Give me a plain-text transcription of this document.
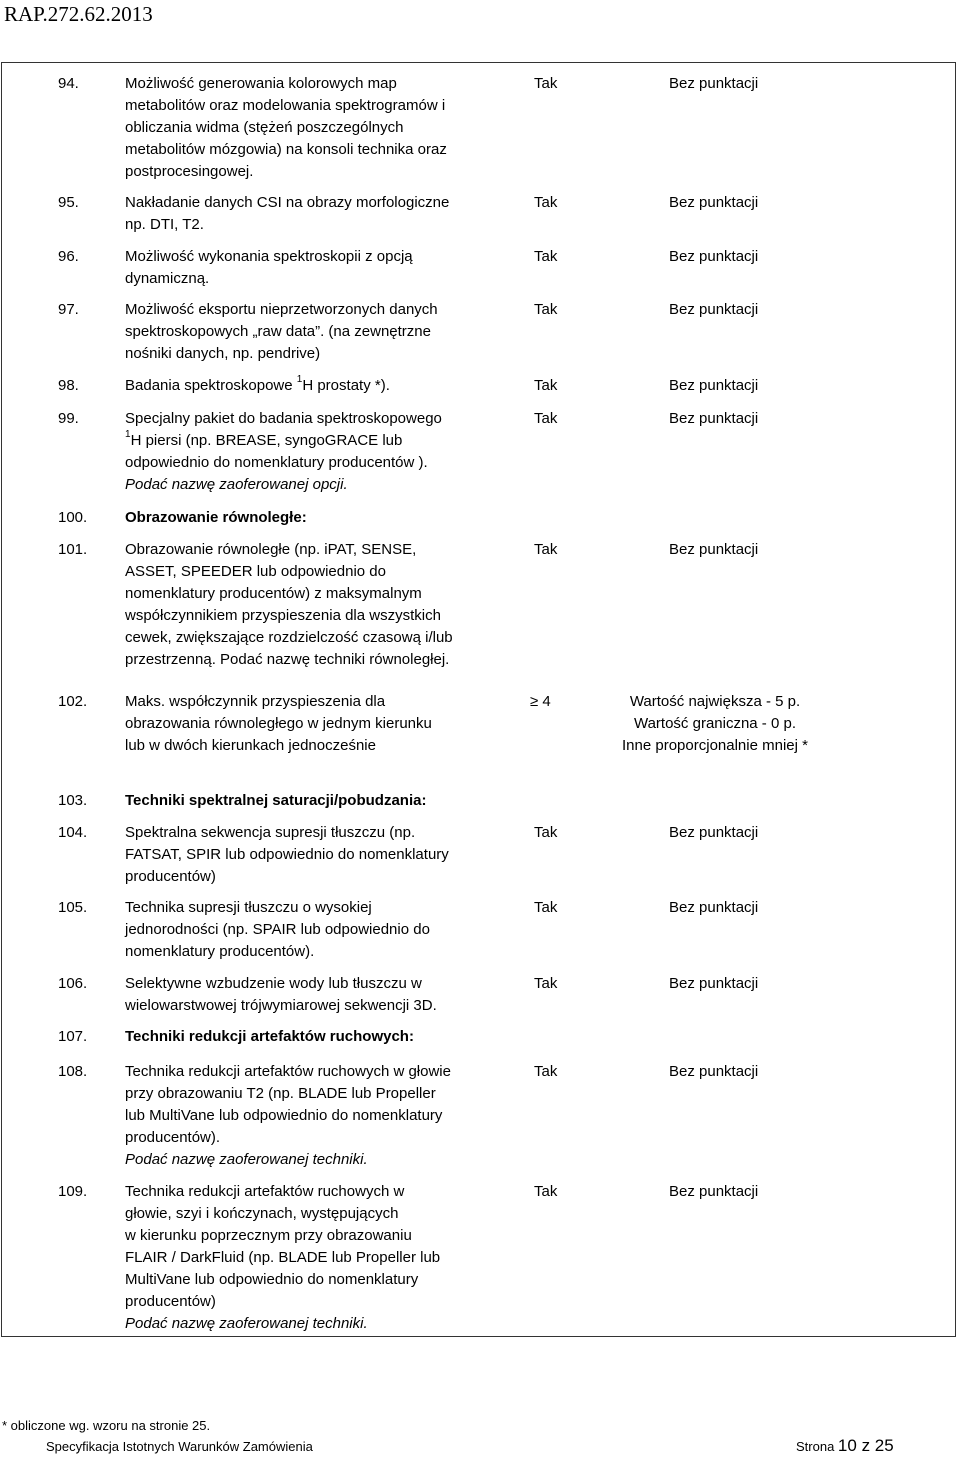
RAP.272.62.2013
94.	Możliwość generowania kolorowych map
metabolitów oraz modelowania spektrogramów i
obliczania widma (stężeń poszczególnych
metabolitów mózgowia) na konsoli technika oraz
postprocesingowej.
Tak	Bez punktacji
95.	Nakładanie danych CSI na obrazy morfologiczne
np. DTI, T2.
Tak	Bez punktacji
96.	Możliwość wykonania spektroskopii z opcją
dynamiczną.
Tak	Bez punktacji
97.	Możliwość eksportu nieprzetworzonych danych
spektroskopowych „raw data”. (na zewnętrzne
nośniki danych, np. pendrive)
Tak	Bez punktacji
98.	Badania spektroskopowe $^1$H prostaty *).	Tak	Bez punktacji
99.	Specjalny pakiet do badania spektroskopowego
$^1$H piersi (np. BREASE, syngoGRACE lub
odpowiednio do nomenklatury producentów ).
Podać nazwę zaoferowanej opcji.
Tak	Bez punktacji
100.	Obrazowanie równoległe:
101.	Obrazowanie równoległe (np. iPAT, SENSE,
ASSET, SPEEDER lub odpowiednio do
nomenklatury producentów) z maksymalnym
współczynnikiem przyspieszenia dla wszystkich
cewek, zwiększające rozdzielczość czasową i/lub
przestrzenną. Podać nazwę techniki równoległej.
Tak	Bez punktacji
102.	Maks. współczynnik przyspieszenia dla
obrazowania równoległego w jednym kierunku
lub w dwóch kierunkach jednocześnie
≥ 4	Wartość największa - 5 p.
Wartość graniczna - 0 p.
Inne proporcjonalnie mniej *
103.	Techniki spektralnej saturacji/pobudzania:
104.	Spektralna sekwencja supresji tłuszczu (np.
FATSAT, SPIR lub odpowiednio do nomenklatury
producentów)
Tak	Bez punktacji
105.	Technika supresji tłuszczu o wysokiej
jednorodności (np. SPAIR lub odpowiednio do
nomenklatury producentów).
Tak	Bez punktacji
106.	Selektywne wzbudzenie wody lub tłuszczu w
wielowarstwowej trójwymiarowej sekwencji 3D.
Tak	Bez punktacji
107.	Techniki redukcji artefaktów ruchowych:
108.	Technika redukcji artefaktów ruchowych w głowie
przy obrazowaniu T2 (np. BLADE lub Propeller
lub MultiVane lub odpowiednio do nomenklatury
producentów).
Podać nazwę zaoferowanej techniki.
Tak	Bez punktacji
109.	Technika redukcji artefaktów ruchowych w
głowie, szyi i kończynach, występujących
w kierunku poprzecznym przy obrazowaniu
FLAIR / DarkFluid (np. BLADE lub Propeller lub
MultiVane lub odpowiednio do nomenklatury
producentów)
Podać nazwę zaoferowanej techniki.
Tak	Bez punktacji
* obliczone wg. wzoru na stronie 25.
Specyfikacja Istotnych Warunków Zamówienia	Strona 10 z 25
